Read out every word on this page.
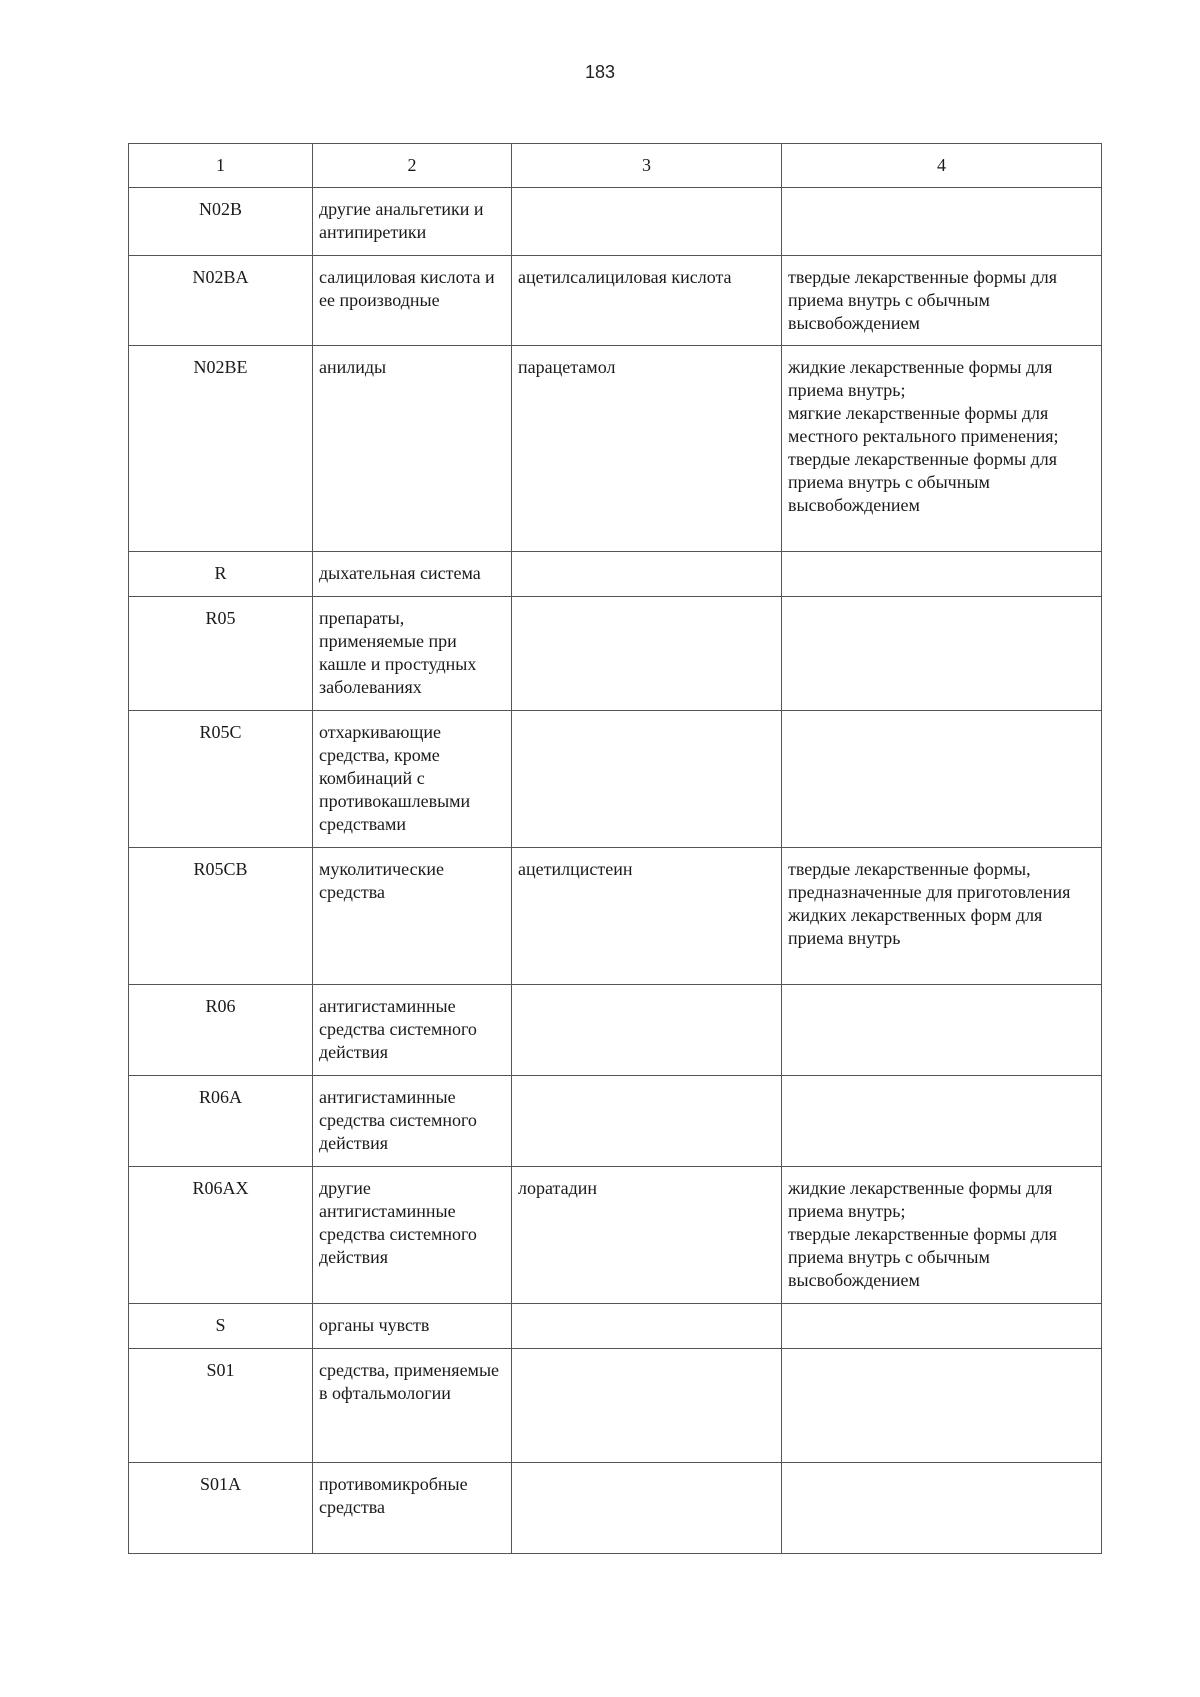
183
1	2	3	4
N02B	другие анальгетики и антипиретики		
N02BA	салициловая кислота и ее производные	ацетилсалициловая кислота	твердые лекарственные формы для приема внутрь с обычным высвобождением
N02BE	анилиды	парацетамол	жидкие лекарственные формы для приема внутрь;
мягкие лекарственные формы для местного ректального применения;
твердые лекарственные формы для приема внутрь с обычным высвобождением
R	дыхательная система		
R05	препараты, применяемые при кашле и простудных заболеваниях		
R05C	отхаркивающие средства, кроме комбинаций с противокашлевыми средствами		
R05CB	муколитические средства	ацетилцистеин	твердые лекарственные формы, предназначенные для приготовления жидких лекарственных форм для приема внутрь
R06	антигистаминные средства системного действия		
R06A	антигистаминные средства системного действия		
R06AX	другие антигистаминные средства системного действия	лоратадин	жидкие лекарственные формы для приема внутрь;
твердые лекарственные формы для приема внутрь с обычным высвобождением
S	органы чувств		
S01	средства, применяемые в офтальмологии		
S01A	противомикробные средства		
